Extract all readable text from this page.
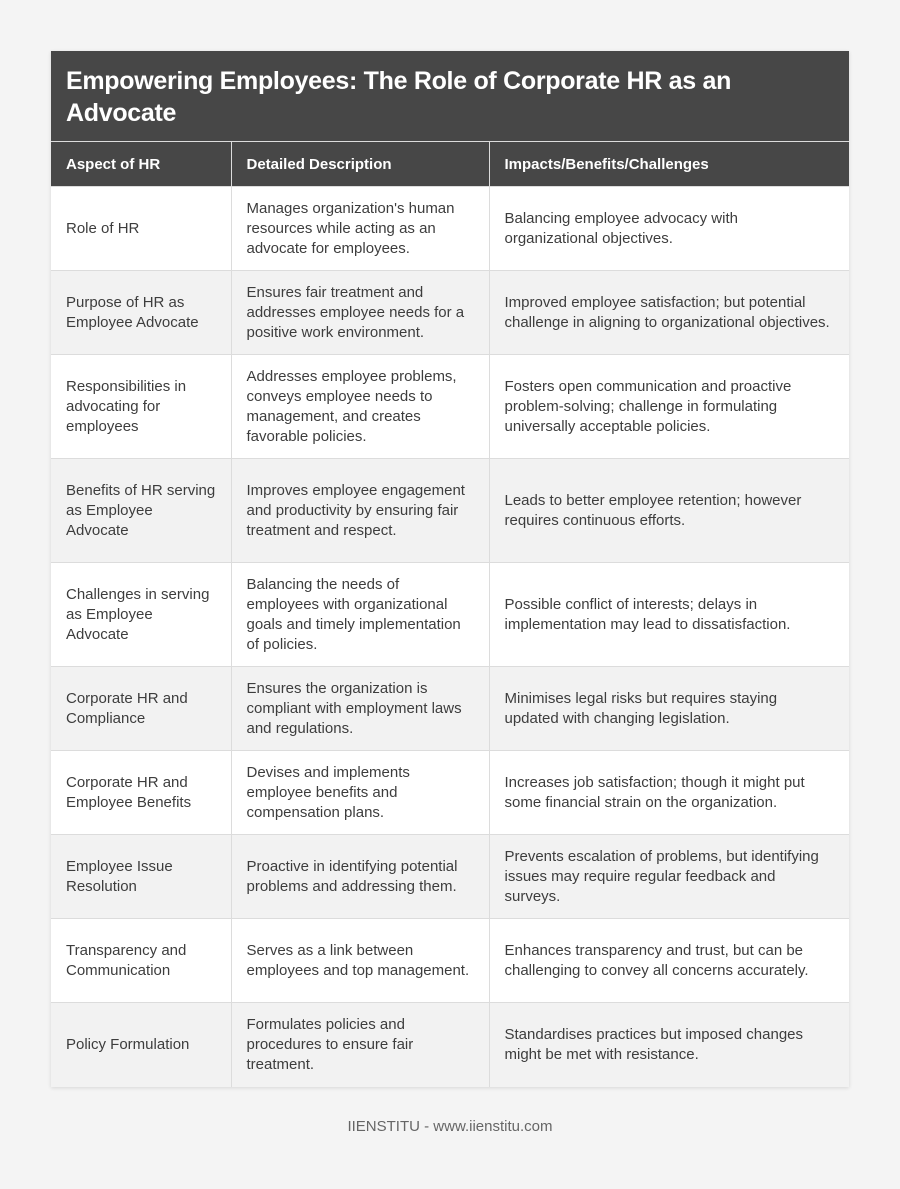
Empowering Employees: The Role of Corporate HR as an Advocate
Aspect of HR	Detailed Description	Impacts/Benefits/Challenges
Role of HR	Manages organization's human resources while acting as an advocate for employees.	Balancing employee advocacy with organizational objectives.
Purpose of HR as Employee Advocate	Ensures fair treatment and addresses employee needs for a positive work environment.	Improved employee satisfaction; but potential challenge in aligning to organizational objectives.
Responsibilities in advocating for employees	Addresses employee problems, conveys employee needs to management, and creates favorable policies.	Fosters open communication and proactive problem-solving; challenge in formulating universally acceptable policies.
Benefits of HR serving as Employee Advocate	Improves employee engagement and productivity by ensuring fair treatment and respect.	Leads to better employee retention; however requires continuous efforts.
Challenges in serving as Employee Advocate	Balancing the needs of employees with organizational goals and timely implementation of policies.	Possible conflict of interests; delays in implementation may lead to dissatisfaction.
Corporate HR and Compliance	Ensures the organization is compliant with employment laws and regulations.	Minimises legal risks but requires staying updated with changing legislation.
Corporate HR and Employee Benefits	Devises and implements employee benefits and compensation plans.	Increases job satisfaction; though it might put some financial strain on the organization.
Employee Issue Resolution	Proactive in identifying potential problems and addressing them.	Prevents escalation of problems, but identifying issues may require regular feedback and surveys.
Transparency and Communication	Serves as a link between employees and top management.	Enhances transparency and trust, but can be challenging to convey all concerns accurately.
Policy Formulation	Formulates policies and procedures to ensure fair treatment.	Standardises practices but imposed changes might be met with resistance.
IIENSTITU - www.iienstitu.com
